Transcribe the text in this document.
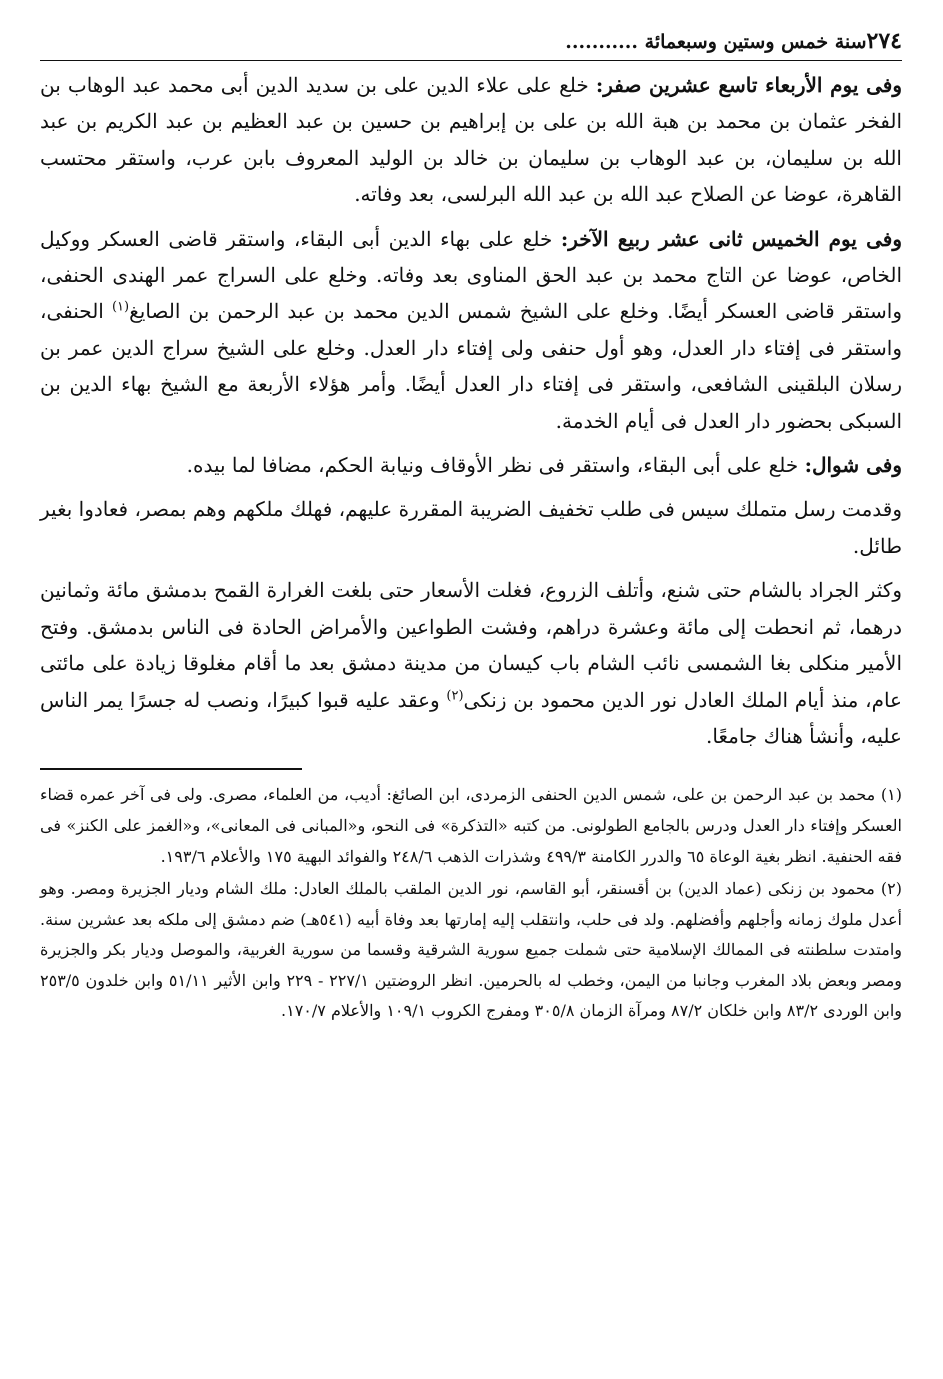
٢٧٤
سنة خمس وستين وسبعمائة ...........

وفى يوم الأربعاء تاسع عشرين صفر: خلع على علاء الدين على بن سديد الدين أبى محمد عبد الوهاب بن الفخر عثمان بن محمد بن هبة الله بن على بن إبراهيم بن حسين بن عبد العظيم بن عبد الكريم بن عبد الله بن سليمان، بن عبد الوهاب بن سليمان بن خالد بن الوليد المعروف بابن عرب، واستقر محتسب القاهرة، عوضا عن الصلاح عبد الله بن عبد الله البرلسى، بعد وفاته.

وفى يوم الخميس ثانى عشر ربيع الآخر: خلع على بهاء الدين أبى البقاء، واستقر قاضى العسكر ووكيل الخاص، عوضا عن التاج محمد بن عبد الحق المناوى بعد وفاته. وخلع على السراج عمر الهندى الحنفى، واستقر قاضى العسكر أيضًا. وخلع على الشيخ شمس الدين محمد بن عبد الرحمن بن الصايغ$^{(١)}$ الحنفى، واستقر فى إفتاء دار العدل، وهو أول حنفى ولى إفتاء دار العدل. وخلع على الشيخ سراج الدين عمر بن رسلان البلقينى الشافعى، واستقر فى إفتاء دار العدل أيضًا. وأمر هؤلاء الأربعة مع الشيخ بهاء الدين بن السبكى بحضور دار العدل فى أيام الخدمة.

وفى شوال: خلع على أبى البقاء، واستقر فى نظر الأوقاف ونيابة الحكم، مضافا لما بيده.

وقدمت رسل متملك سيس فى طلب تخفيف الضريبة المقررة عليهم، فهلك ملكهم وهم بمصر، فعادوا بغير طائل.

وكثر الجراد بالشام حتى شنع، وأتلف الزروع، فغلت الأسعار حتى بلغت الغرارة القمح بدمشق مائة وثمانين درهما، ثم انحطت إلى مائة وعشرة دراهم، وفشت الطواعين والأمراض الحادة فى الناس بدمشق. وفتح الأمير منكلى بغا الشمسى نائب الشام باب كيسان من مدينة دمشق بعد ما أقام مغلوقا زيادة على مائتى عام، منذ أيام الملك العادل نور الدين محمود بن زنكى$^{(٢)}$ وعقد عليه قبوا كبيرًا، ونصب له جسرًا يمر الناس عليه، وأنشأ هناك جامعًا.

(١) محمد بن عبد الرحمن بن على، شمس الدين الحنفى الزمردى، ابن الصائغ: أديب، من العلماء، مصرى. ولى فى آخر عمره قضاء العسكر وإفتاء دار العدل ودرس بالجامع الطولونى. من كتبه «التذكرة» فى النحو، و«المبانى فى المعانى»، و«الغمز على الكنز» فى فقه الحنفية. انظر بغية الوعاة ٦٥ والدرر الكامنة ٤٩٩/٣ وشذرات الذهب ٢٤٨/٦ والفوائد البهية ١٧٥ والأعلام ١٩٣/٦.

(٢) محمود بن زنكى (عماد الدين) بن أقسنقر، أبو القاسم، نور الدين الملقب بالملك العادل: ملك الشام وديار الجزيرة ومصر. وهو أعدل ملوك زمانه وأجلهم وأفضلهم. ولد فى حلب، وانتقلب إليه إمارتها بعد وفاة أبيه (٥٤١هـ) ضم دمشق إلى ملكه بعد عشرين سنة. وامتدت سلطنته فى الممالك الإسلامية حتى شملت جميع سورية الشرقية وقسما من سورية الغربية، والموصل وديار بكر والجزيرة ومصر وبعض بلاد المغرب وجانبا من اليمن، وخطب له بالحرمين. انظر الروضتين ٢٢٧/١ - ٢٢٩ وابن الأثير ٥١/١١ وابن خلدون ٢٥٣/٥ وابن الوردى ٨٣/٢ وابن خلكان ٨٧/٢ ومرآة الزمان ٣٠٥/٨ ومفرج الكروب ١٠٩/١ والأعلام ١٧٠/٧.
